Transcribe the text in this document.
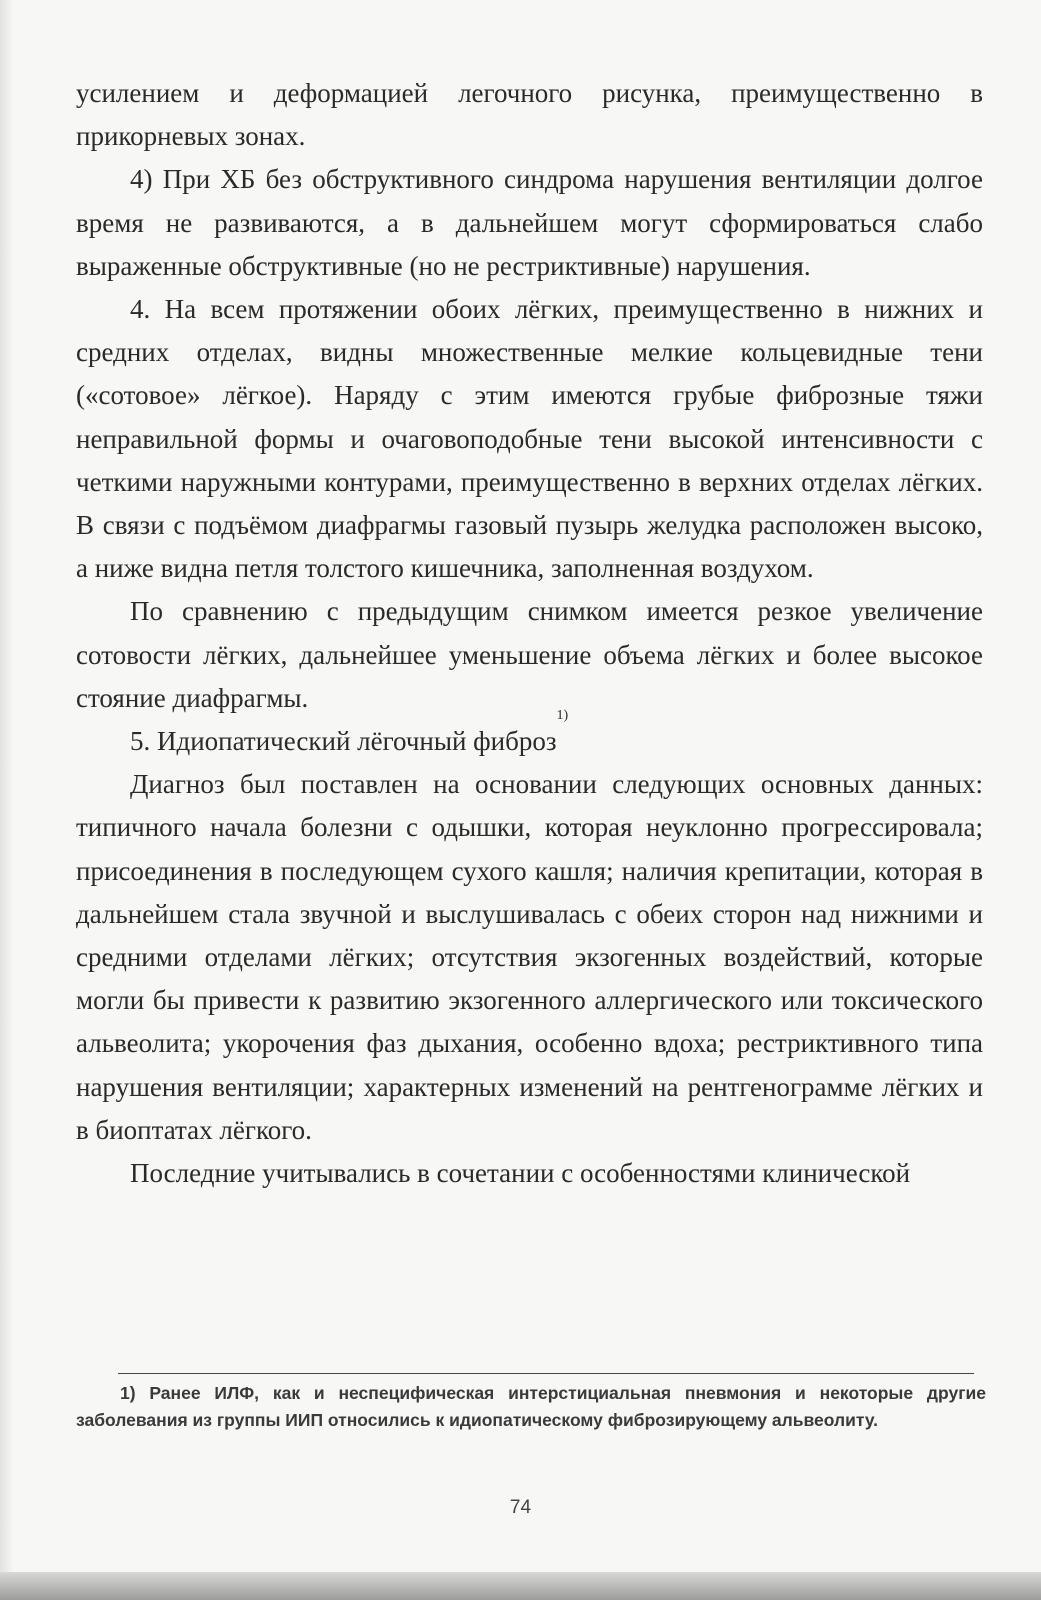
усилением и деформацией легочного рисунка, преимущественно в прикорневых зонах.

4) При ХБ без обструктивного синдрома нарушения вентиляции долгое время не развиваются, а в дальнейшем могут сформироваться слабо выраженные обструктивные (но не рестриктивные) нарушения.

4. На всем протяжении обоих лёгких, преимущественно в нижних и средних отделах, видны множественные мелкие кольцевидные тени («сотовое» лёгкое). Наряду с этим имеются грубые фиброзные тяжи неправильной формы и очаговоподобные тени высокой интенсивности с четкими наружными контурами, преимущественно в верхних отделах лёгких. В связи с подъёмом диафрагмы газовый пузырь желудка расположен высоко, а ниже видна петля толстого кишечника, заполненная воздухом.

По сравнению с предыдущим снимком имеется резкое увеличение сотовости лёгких, дальнейшее уменьшение объема лёгких и более высокое стояние диафрагмы.

5. Идиопатический лёгочный фиброз$^{1)}$

Диагноз был поставлен на основании следующих основных данных: типичного начала болезни с одышки, которая неуклонно прогрессировала; присоединения в последующем сухого кашля; наличия крепитации, которая в дальнейшем стала звучной и выслушивалась с обеих сторон над нижними и средними отделами лёгких; отсутствия экзогенных воздействий, которые могли бы привести к развитию экзогенного аллергического или токсического альвеолита; укорочения фаз дыхания, особенно вдоха; рестриктивного типа нарушения вентиляции; характерных изменений на рентгенограмме лёгких и в биоптатах лёгкого.

Последние учитывались в сочетании с особенностями клинической

1) Ранее ИЛФ, как и неспецифическая интерстициальная пневмония и некоторые другие заболевания из группы ИИП относились к идиопатическому фиброзирующему альвеолиту.

74
